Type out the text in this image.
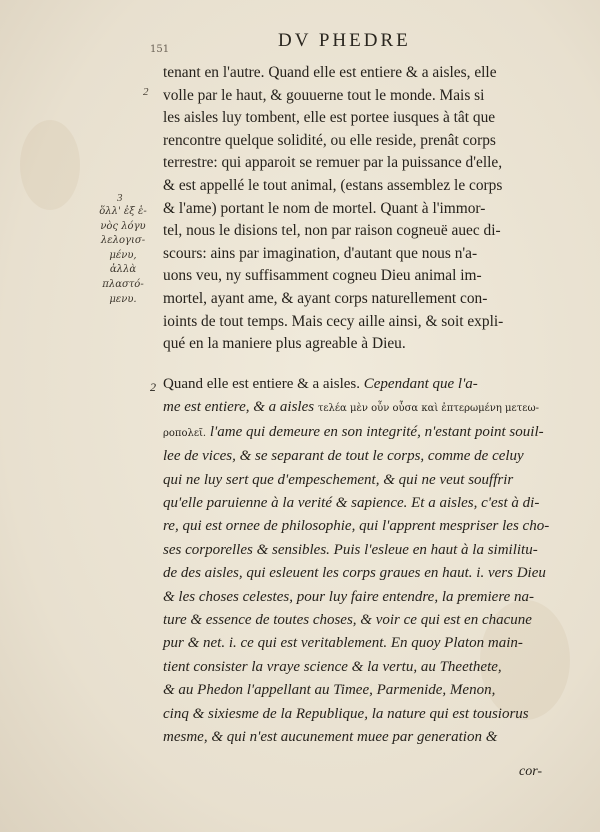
151	DV PHEDRE
2
3
ὅλλ' ἐξ ἑ-
νὸς λόγυ
λελογισ-
μένυ,
ἀλλὰ
πλαστό-
μενυ.
tenant en l'autre. Quand elle est entiere & a aisles, elle
volle par le haut, & gouuerne tout le monde. Mais si
les aisles luy tombent, elle est portee iusques à tât que
rencontre quelque solidité, ou elle reside, prenât corps
terrestre: qui apparoit se remuer par la puissance d'elle,
& est appellé le tout animal, (estans assemblez le corps
& l'ame) portant le nom de mortel. Quant à l'immor-
tel, nous le disions tel, non par raison cogneuë auec di-
scours: ains par imagination, d'autant que nous n'a-
uons veu, ny suffisamment cogneu Dieu animal im-
mortel, ayant ame, & ayant corps naturellement con-
ioints de tout temps. Mais cecy aille ainsi, & soit expli-
qué en la maniere plus agreable à Dieu.
2 Quand elle est entiere & a aisles. Cependant que l'a-
me est entiere, & a aisles τελέα μὲν οὖν οὖσα καὶ ἐπτερωμένη μετεω-
ροπολεῖ. l'ame qui demeure en son integrité, n'estant point souil-
lee de vices, & se separant de tout le corps, comme de celuy
qui ne luy sert que d'empeschement, & qui ne veut souffrir
qu'elle paruienne à la verité & sapience. Et a aisles, c'est à di-
re, qui est ornee de philosophie, qui l'apprent mespriser les cho-
ses corporelles & sensibles. Puis l'esleue en haut à la similitu-
de des aisles, qui esleuent les corps graues en haut. i. vers Dieu
& les choses celestes, pour luy faire entendre, la premiere na-
ture & essence de toutes choses, & voir ce qui est en chacune
pur & net. i. ce qui est veritablement. En quoy Platon main-
tient consister la vraye science & la vertu, au Theethete,
& au Phedon l'appellant au Timee, Parmenide, Menon,
cinq & sixiesme de la Republique, la nature qui est tousiorus
mesme, & qui n'est aucunement muee par generation &
cor-
